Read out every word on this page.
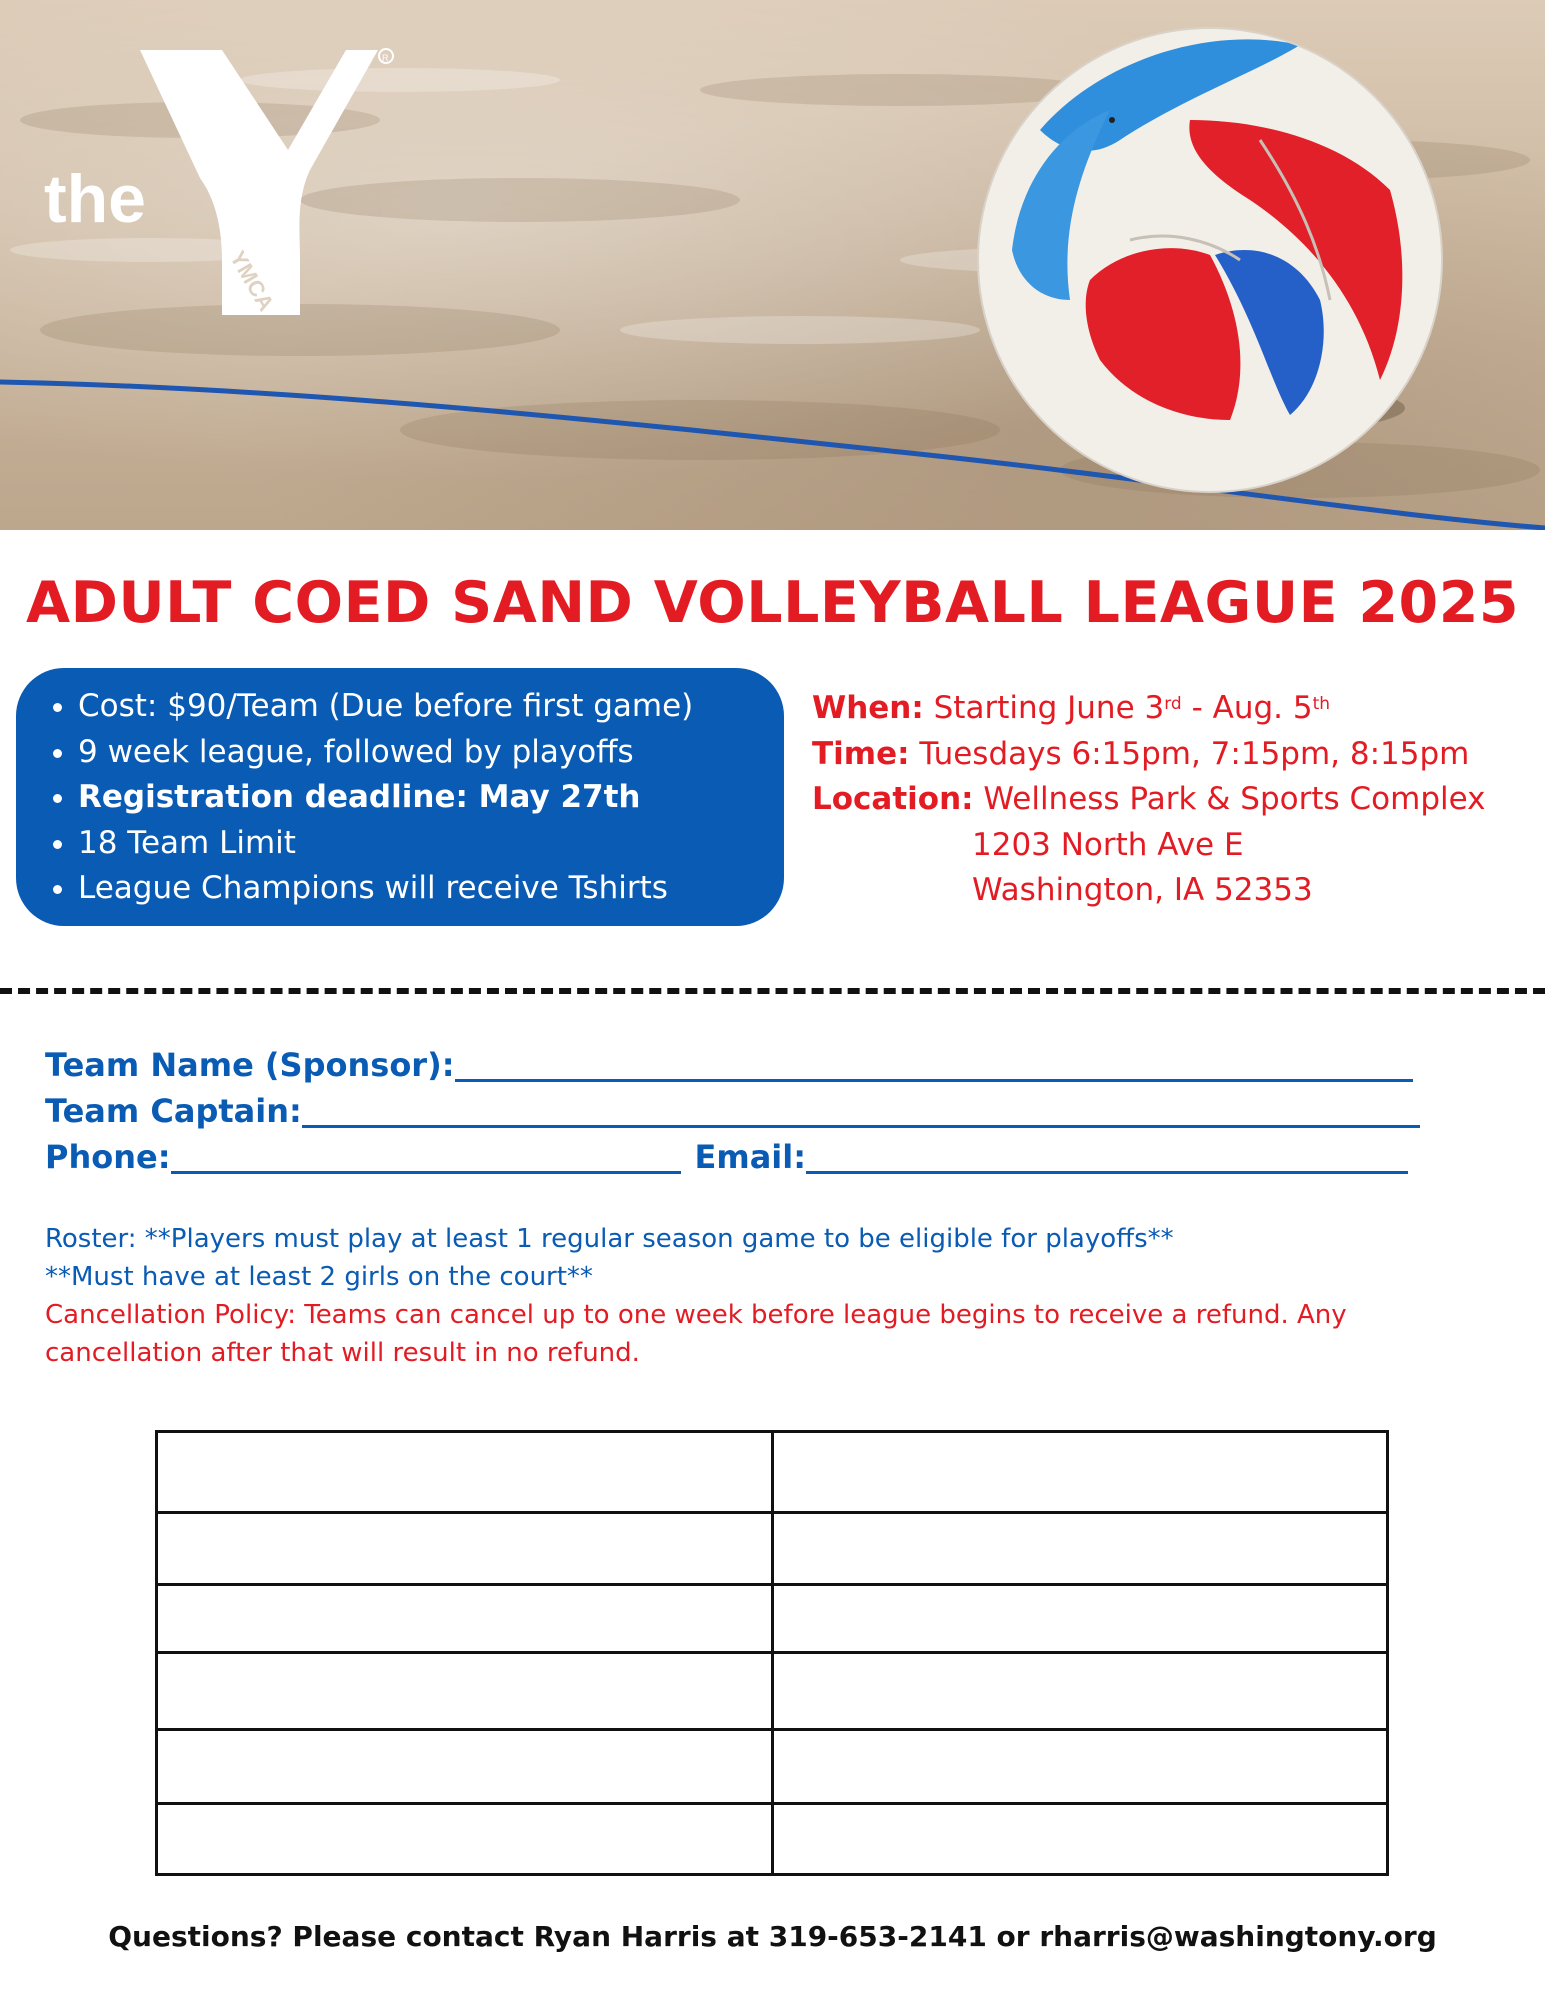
YMCA
R
the
ADULT COED SAND VOLLEYBALL LEAGUE 2025
• Cost: $90/Team (Due before first game)
• 9 week league, followed by playoffs
• Registration deadline: May 27th
• 18 Team Limit
• League Champions will receive Tshirts
When: Starting June 3rd - Aug. 5th
Time: Tuesdays 6:15pm, 7:15pm, 8:15pm
Location: Wellness Park & Sports Complex
1203 North Ave E
Washington, IA 52353
Team Name (Sponsor):
Team Captain:
Phone:	Email:
Roster: **Players must play at least 1 regular season game to be eligible for playoffs**
**Must have at least 2 girls on the court**
Cancellation Policy: Teams can cancel up to one week before league begins to receive a refund. Any cancellation after that will result in no refund.

Questions? Please contact Ryan Harris at 319-653-2141 or rharris@washingtony.org
